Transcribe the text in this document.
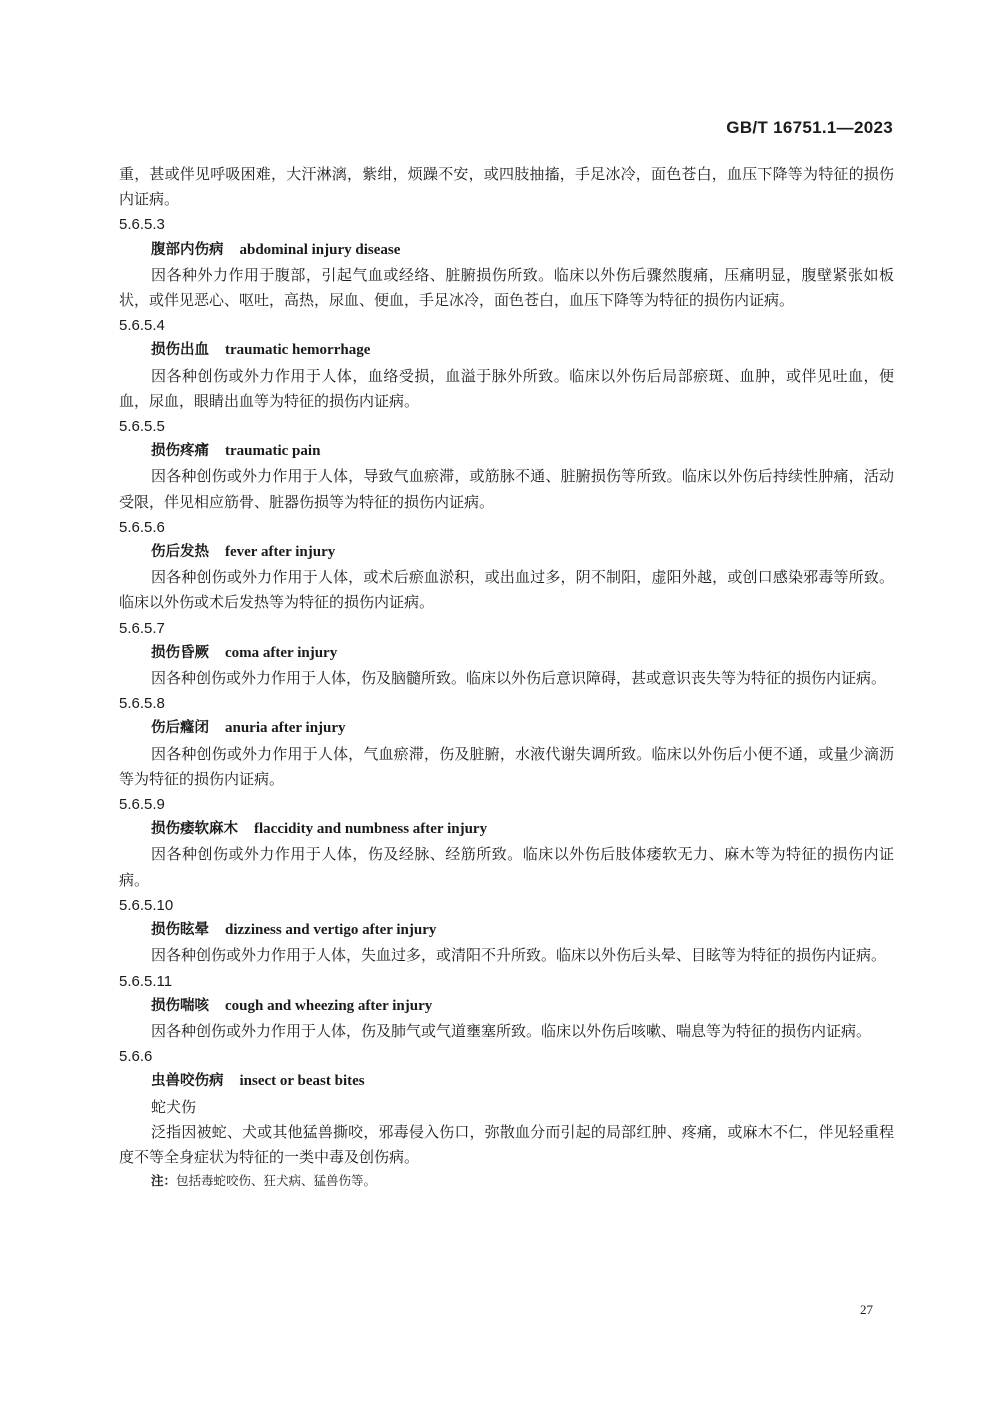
GB/T 16751.1—2023

重，甚或伴见呼吸困难，大汗淋漓，紫绀，烦躁不安，或四肢抽搐，手足冰冷，面色苍白，血压下降等为特征的损伤内证病。

5.6.5.3

腹部内伤病 abdominal injury disease

因各种外力作用于腹部，引起气血或经络、脏腑损伤所致。临床以外伤后骤然腹痛，压痛明显，腹壁紧张如板状，或伴见恶心、呕吐，高热，尿血、便血，手足冰冷，面色苍白，血压下降等为特征的损伤内证病。

5.6.5.4

损伤出血 traumatic hemorrhage

因各种创伤或外力作用于人体，血络受损，血溢于脉外所致。临床以外伤后局部瘀斑、血肿，或伴见吐血，便血，尿血，眼睛出血等为特征的损伤内证病。

5.6.5.5

损伤疼痛 traumatic pain

因各种创伤或外力作用于人体，导致气血瘀滞，或筋脉不通、脏腑损伤等所致。临床以外伤后持续性肿痛，活动受限，伴见相应筋骨、脏器伤损等为特征的损伤内证病。

5.6.5.6

伤后发热 fever after injury

因各种创伤或外力作用于人体，或术后瘀血淤积，或出血过多，阴不制阳，虚阳外越，或创口感染邪毒等所致。临床以外伤或术后发热等为特征的损伤内证病。

5.6.5.7

损伤昏厥 coma after injury

因各种创伤或外力作用于人体，伤及脑髓所致。临床以外伤后意识障碍，甚或意识丧失等为特征的损伤内证病。

5.6.5.8

伤后癃闭 anuria after injury

因各种创伤或外力作用于人体，气血瘀滞，伤及脏腑，水液代谢失调所致。临床以外伤后小便不通，或量少滴沥等为特征的损伤内证病。

5.6.5.9

损伤痿软麻木 flaccidity and numbness after injury

因各种创伤或外力作用于人体，伤及经脉、经筋所致。临床以外伤后肢体痿软无力、麻木等为特征的损伤内证病。

5.6.5.10

损伤眩晕 dizziness and vertigo after injury

因各种创伤或外力作用于人体，失血过多，或清阳不升所致。临床以外伤后头晕、目眩等为特征的损伤内证病。

5.6.5.11

损伤喘咳 cough and wheezing after injury

因各种创伤或外力作用于人体，伤及肺气或气道壅塞所致。临床以外伤后咳嗽、喘息等为特征的损伤内证病。

5.6.6

虫兽咬伤病 insect or beast bites

蛇犬伤

泛指因被蛇、犬或其他猛兽撕咬，邪毒侵入伤口，弥散血分而引起的局部红肿、疼痛，或麻木不仁，伴见轻重程度不等全身症状为特征的一类中毒及创伤病。

注：包括毒蛇咬伤、狂犬病、猛兽伤等。

27
